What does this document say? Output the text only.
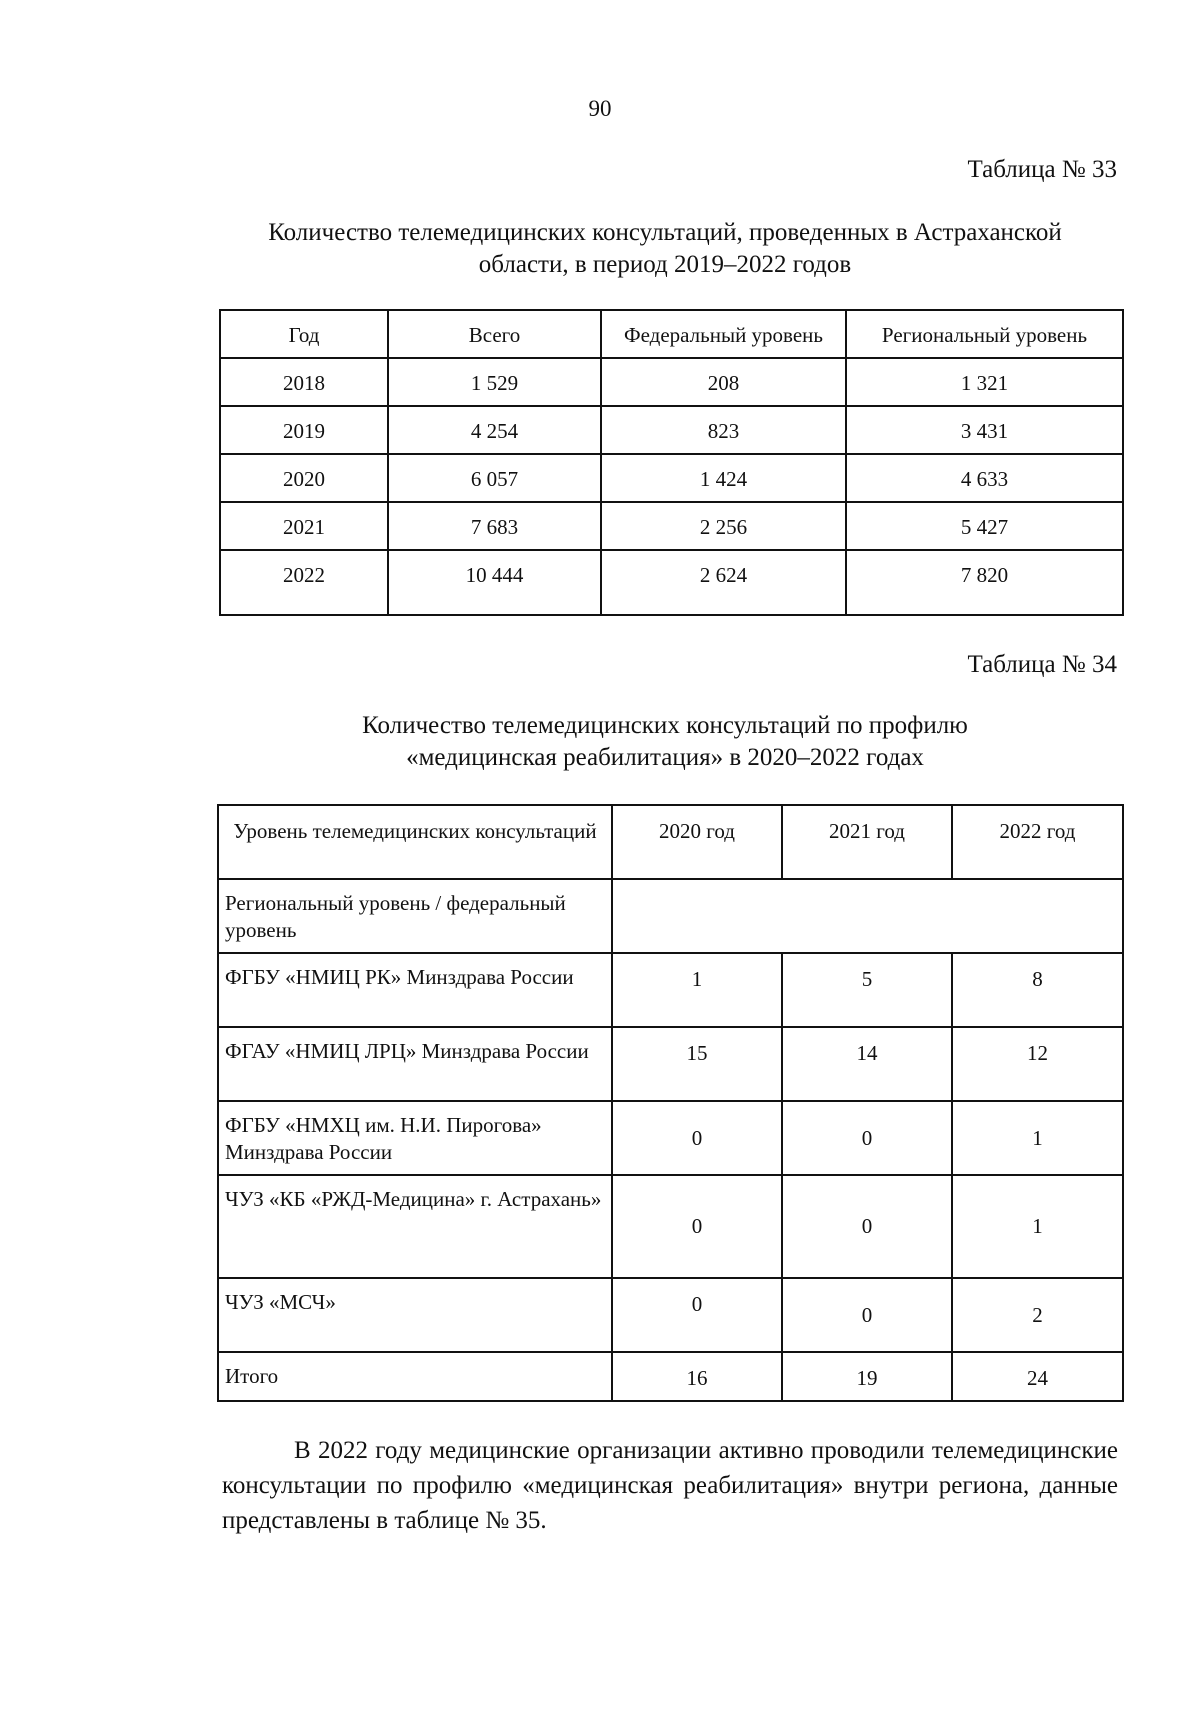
90
Таблица № 33
Количество телемедицинских консультаций, проведенных в Астраханской
области, в период 2019–2022 годов
Год	Всего	Федеральный уровень	Региональный уровень
2018	1 529	208	1 321
2019	4 254	823	3 431
2020	6 057	1 424	4 633
2021	7 683	2 256	5 427
2022	10 444	2 624	7 820
Таблица № 34
Количество телемедицинских консультаций по профилю
«медицинская реабилитация» в 2020–2022 годах
Уровень телемедицинских консультаций	2020 год	2021 год	2022 год
Региональный уровень / федеральный уровень			
ФГБУ «НМИЦ РК» Минздрава России	1	5	8
ФГАУ «НМИЦ ЛРЦ» Минздрава России	15	14	12
ФГБУ «НМХЦ им. Н.И. Пирогова» Минздрава России	0	0	1
ЧУЗ «КБ «РЖД-Медицина» г. Астрахань»	0	0	1
ЧУЗ «МСЧ»	0	0	2
Итого	16	19	24
В 2022 году медицинские организации активно проводили телемедицинские консультации по профилю «медицинская реабилитация» внутри региона, данные представлены в таблице № 35.
